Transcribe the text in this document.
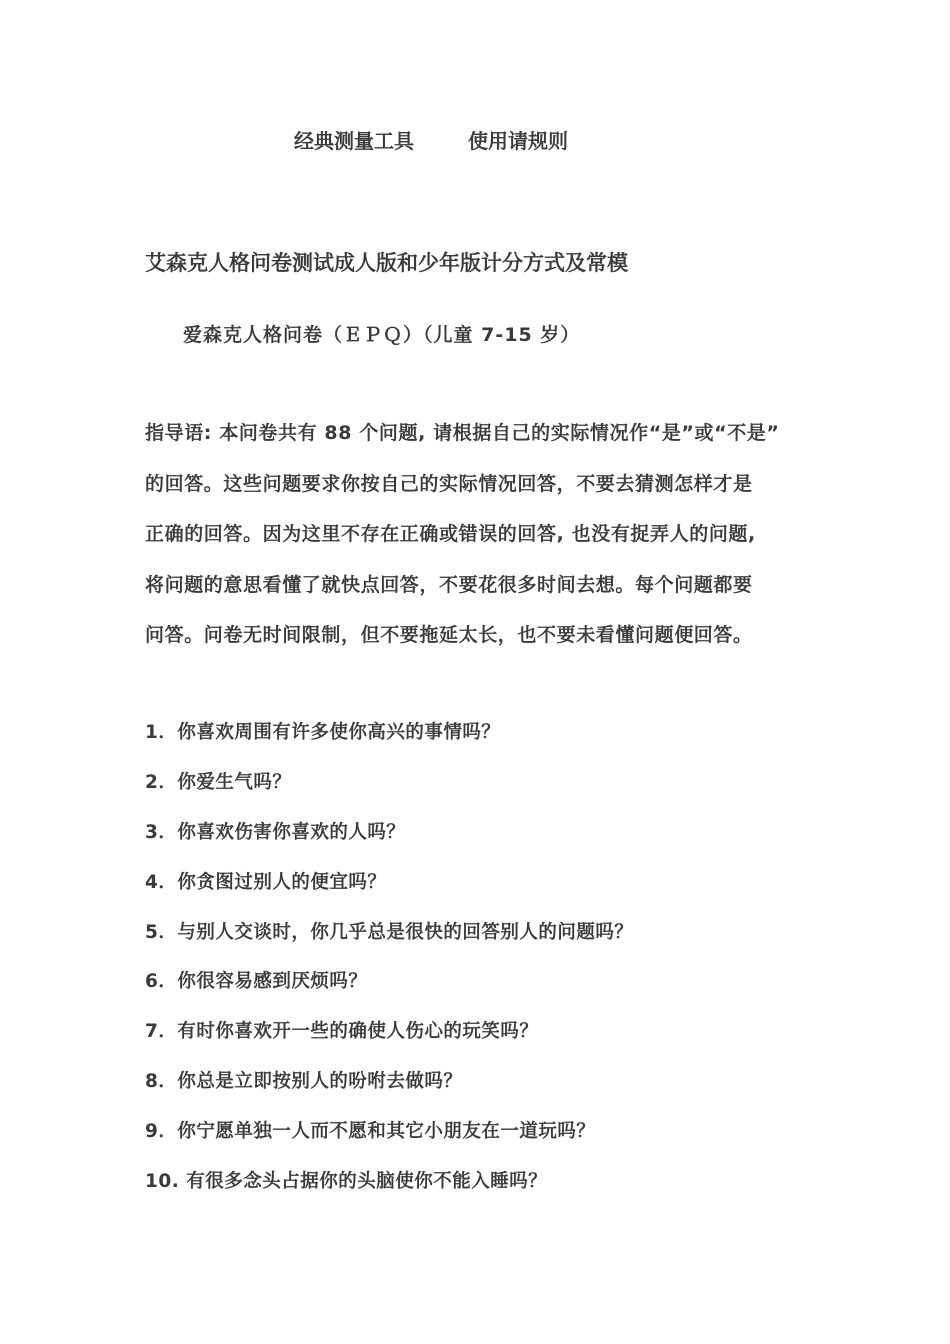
经典测量工具	使用请规则
艾森克人格问卷测试成人版和少年版计分方式及常模
爱森克人格问卷（ＥＰＱ）（儿童 7-15 岁）
指导语: 本问卷共有 88 个问题, 请根据自己的实际情况作“是”或“不是”
的回答。这些问题要求你按自己的实际情况回答，不要去猜测怎样才是
正确的回答。因为这里不存在正确或错误的回答, 也没有捉弄人的问题,
将问题的意思看懂了就快点回答，不要花很多时间去想。每个问题都要
问答。问卷无时间限制，但不要拖延太长，也不要未看懂问题便回答。
1．你喜欢周围有许多使你高兴的事情吗？
2．你爱生气吗？
3．你喜欢伤害你喜欢的人吗？
4．你贪图过别人的便宜吗？
5．与别人交谈时，你几乎总是很快的回答别人的问题吗？
6．你很容易感到厌烦吗？
7．有时你喜欢开一些的确使人伤心的玩笑吗？
8．你总是立即按别人的吩咐去做吗？
9．你宁愿单独一人而不愿和其它小朋友在一道玩吗？
10. 有很多念头占据你的头脑使你不能入睡吗？
